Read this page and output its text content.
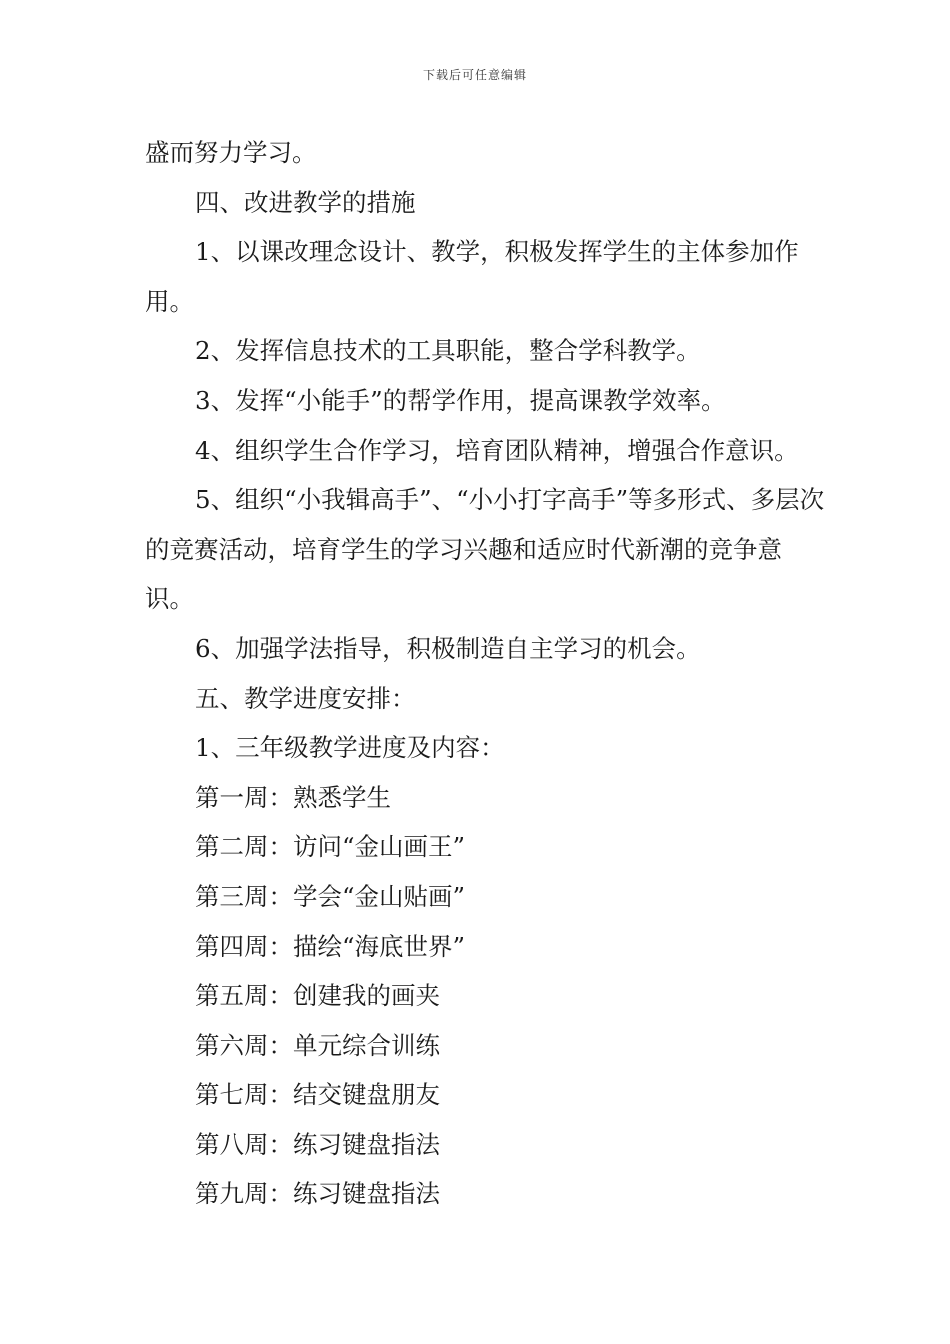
下载后可任意编辑

盛而努力学习。

四、改进教学的措施

1、以课改理念设计、教学，积极发挥学生的主体参加作用。

2、发挥信息技术的工具职能，整合学科教学。

3、发挥“小能手”的帮学作用，提高课教学效率。

4、组织学生合作学习，培育团队精神，增强合作意识。

5、组织“小我辑高手”、“小小打字高手”等多形式、多层次的竞赛活动，培育学生的学习兴趣和适应时代新潮的竞争意识。

6、加强学法指导，积极制造自主学习的机会。

五、教学进度安排：

1、三年级教学进度及内容：

第一周：熟悉学生

第二周：访问“金山画王”

第三周：学会“金山贴画”

第四周：描绘“海底世界”

第五周：创建我的画夹

第六周：单元综合训练

第七周：结交键盘朋友

第八周：练习键盘指法

第九周：练习键盘指法
